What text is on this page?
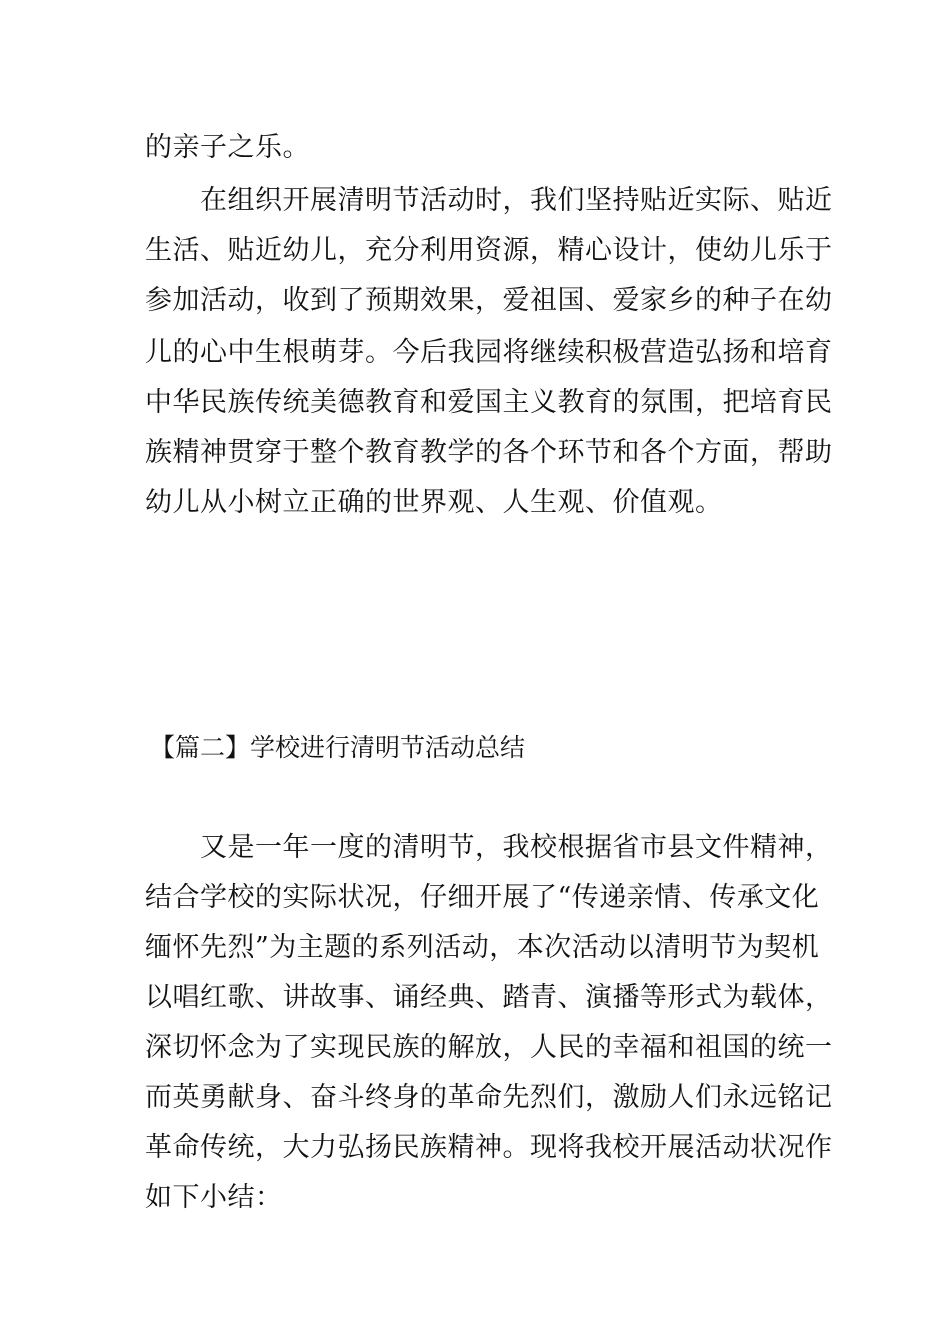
的亲子之乐。
　　在组织开展清明节活动时，我们坚持贴近实际、贴近
生活、贴近幼儿，充分利用资源，精心设计，使幼儿乐于
参加活动，收到了预期效果，爱祖国、爱家乡的种子在幼
儿的心中生根萌芽。今后我园将继续积极营造弘扬和培育
中华民族传统美德教育和爱国主义教育的氛围，把培育民
族精神贯穿于整个教育教学的各个环节和各个方面，帮助
幼儿从小树立正确的世界观、人生观、价值观。
【篇二】学校进行清明节活动总结
　　又是一年一度的清明节，我校根据省市县文件精神，
结合学校的实际状况，仔细开展了“传递亲情、传承文化
缅怀先烈”为主题的系列活动，本次活动以清明节为契机
以唱红歌、讲故事、诵经典、踏青、演播等形式为载体，
深切怀念为了实现民族的解放，人民的幸福和祖国的统一
而英勇献身、奋斗终身的革命先烈们，激励人们永远铭记
革命传统，大力弘扬民族精神。现将我校开展活动状况作
如下小结：
